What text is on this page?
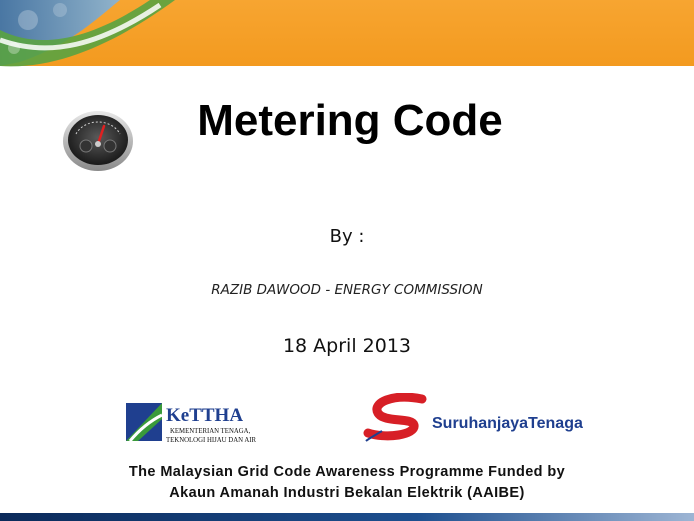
Metering Code
By :
RAZIB DAWOOD - ENERGY COMMISSION
18 April 2013
KeTTHA
KEMENTERIAN TENAGA,
TEKNOLOGI HIJAU DAN AIR
SuruhanjayaTenaga
The Malaysian Grid Code Awareness Programme Funded by
Akaun Amanah Industri Bekalan Elektrik (AAIBE)
